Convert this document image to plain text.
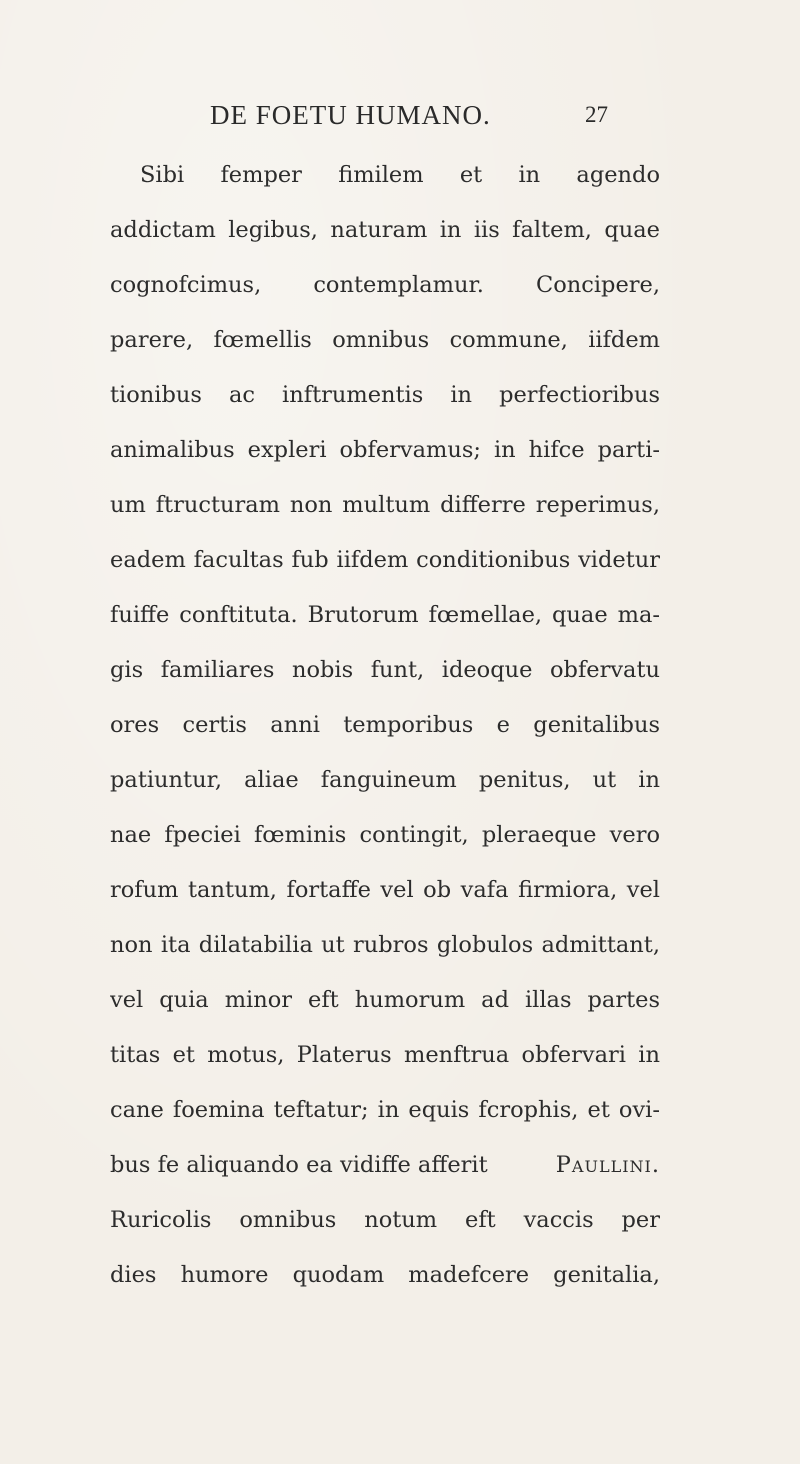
DE FOETU HUMANO.	27
Sibi femper fimilem et in agendo
addictam legibus, naturam in iis faltem, quae
cognofcimus, contemplamur. Concipere,
parere, fœmellis omnibus commune, iifdem
tionibus ac inftrumentis in perfectioribus
animalibus expleri obfervamus; in hifce parti-
um ftructuram non multum differre reperimus,
eadem facultas fub iifdem conditionibus videtur
fuiffe conftituta. Brutorum fœmellae, quae ma-
gis familiares nobis funt, ideoque obfervatu
ores certis anni temporibus e genitalibus
patiuntur, aliae fanguineum penitus, ut in
nae fpeciei fœminis contingit, pleraeque vero
rofum tantum, fortaffe vel ob vafa firmiora, vel
non ita dilatabilia ut rubros globulos admittant,
vel quia minor eft humorum ad illas partes
titas et motus, Platerus menftrua obfervari in
cane foemina teftatur; in equis fcrophis, et ovi-
bus fe aliquando ea vidiffe afferit	Paullini.
Ruricolis omnibus notum eft vaccis per
dies humore quodam madefcere genitalia,
